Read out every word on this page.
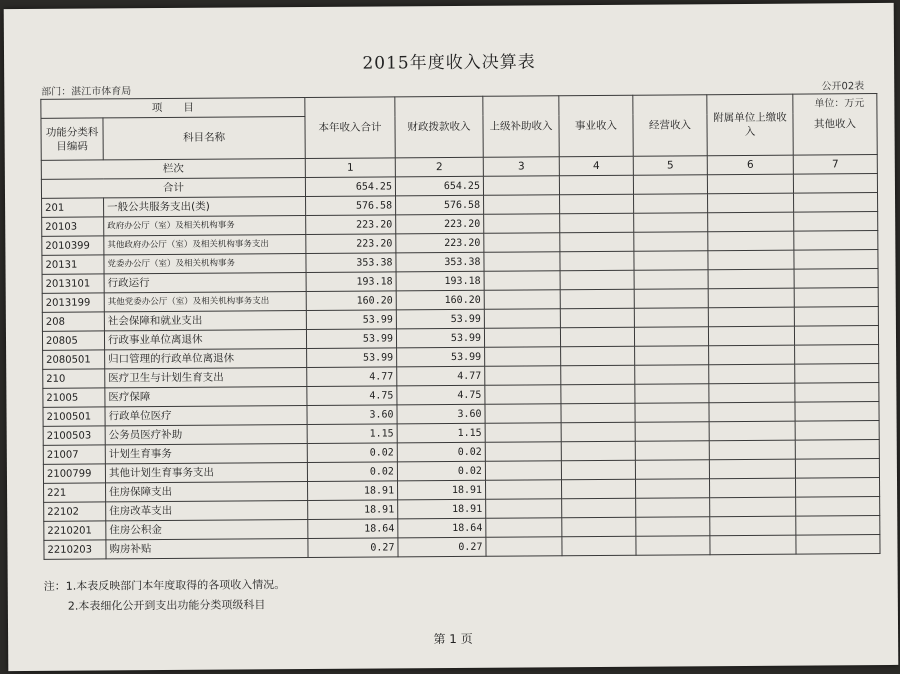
2015年度收入决算表
部门：湛江市体育局	公开02表
单位：万元
项　　目		本年收入合计	财政拨款收入	上级补助收入	事业收入	经营收入	附属单位上缴收入	其他收入
功能分类科目编码	科目名称							
栏次		1	2	3	4	5	6	7
合计		654.25	654.25					
201	一般公共服务支出(类)	576.58	576.58					
20103	政府办公厅（室）及相关机构事务	223.20	223.20					
2010399	其他政府办公厅（室）及相关机构事务支出	223.20	223.20					
20131	党委办公厅（室）及相关机构事务	353.38	353.38					
2013101	行政运行	193.18	193.18					
2013199	其他党委办公厅（室）及相关机构事务支出	160.20	160.20					
208	社会保障和就业支出	53.99	53.99					
20805	行政事业单位离退休	53.99	53.99					
2080501	归口管理的行政单位离退休	53.99	53.99					
210	医疗卫生与计划生育支出	4.77	4.77					
21005	医疗保障	4.75	4.75					
2100501	行政单位医疗	3.60	3.60					
2100503	公务员医疗补助	1.15	1.15					
21007	计划生育事务	0.02	0.02					
2100799	其他计划生育事务支出	0.02	0.02					
221	住房保障支出	18.91	18.91					
22102	住房改革支出	18.91	18.91					
2210201	住房公积金	18.64	18.64					
2210203	购房补贴	0.27	0.27					
注：1.本表反映部门本年度取得的各项收入情况。
2.本表细化公开到支出功能分类项级科目
第 1 页
